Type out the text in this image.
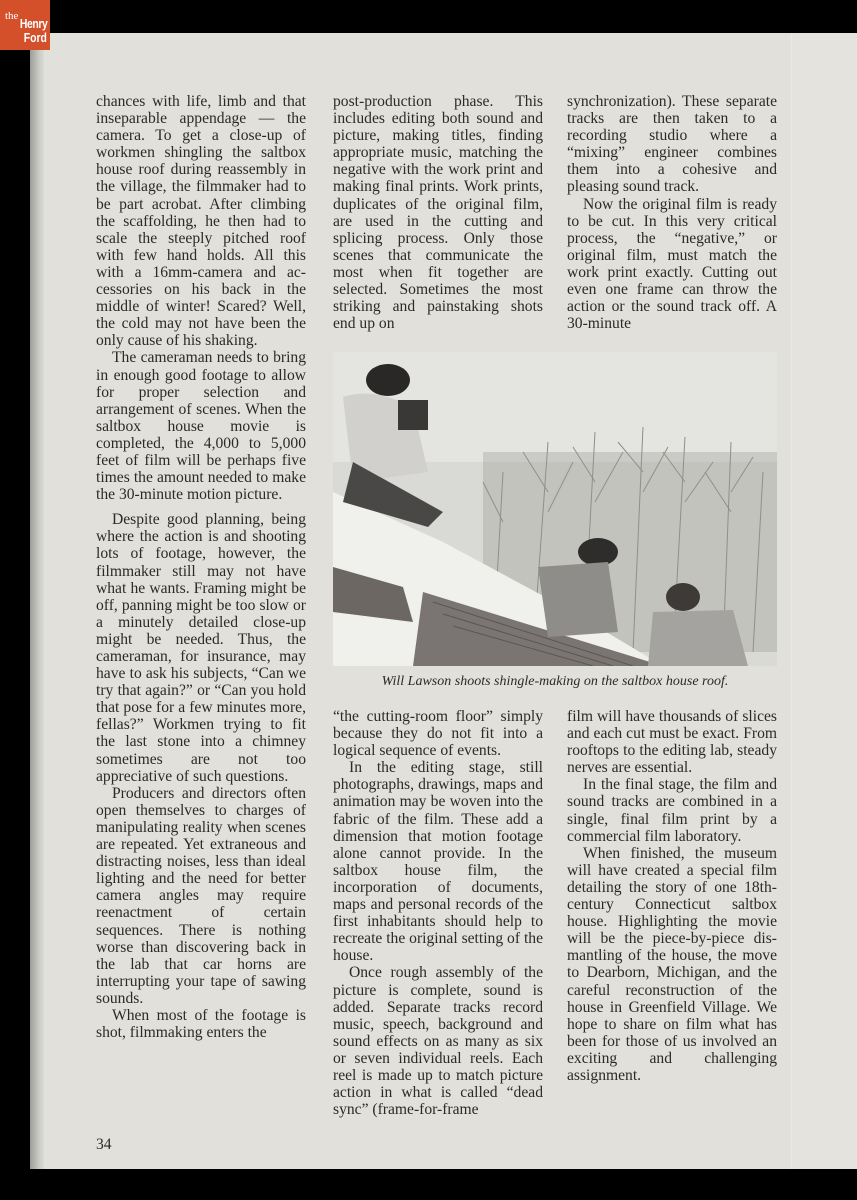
the Henry
Ford

chances with life, limb and that inseparable appendage — the camera. To get a close-up of workmen shingling the saltbox house roof during reassembly in the village, the filmmaker had to be part acrobat. After climbing the scaffolding, he then had to scale the steeply pitched roof with few hand holds. All this with a 16mm-camera and accessories on his back in the middle of winter! Scared? Well, the cold may not have been the only cause of his shaking.

The cameraman needs to bring in enough good footage to allow for proper selection and arrangement of scenes. When the saltbox house movie is completed, the 4,000 to 5,000 feet of film will be perhaps five times the amount needed to make the 30-minute motion picture.

Despite good planning, being where the action is and shooting lots of footage, however, the filmmaker still may not have what he wants. Framing might be off, panning might be too slow or a minutely detailed close-up might be needed. Thus, the cameraman, for insurance, may have to ask his subjects, “Can we try that again?” or “Can you hold that pose for a few minutes more, fellas?” Workmen trying to fit the last stone into a chimney sometimes are not too appreciative of such questions.

Producers and directors often open themselves to charges of manipulating reality when scenes are repeated. Yet extraneous and distracting noises, less than ideal lighting and the need for better camera angles may require reenactment of certain sequences. There is nothing worse than discovering back in the lab that car horns are interrupting your tape of sawing sounds.

When most of the footage is shot, filmmaking enters the

post-production phase. This includes editing both sound and picture, making titles, finding appropriate music, matching the negative with the work print and making final prints. Work prints, duplicates of the original film, are used in the cutting and splicing process. Only those scenes that communicate the most when fit together are selected. Sometimes the most striking and painstaking shots end up on

synchronization). These separate tracks are then taken to a recording studio where a “mixing” engineer combines them into a cohesive and pleasing sound track.

Now the original film is ready to be cut. In this very critical process, the “negative,” or original film, must match the work print exactly. Cutting out even one frame can throw the action or the sound track off. A 30-minute

Will Lawson shoots shingle-making on the saltbox house roof.

“the cutting-room floor” simply because they do not fit into a logical sequence of events.

In the editing stage, still photographs, drawings, maps and animation may be woven into the fabric of the film. These add a dimension that motion footage alone cannot provide. In the saltbox house film, the incorporation of documents, maps and personal records of the first inhabitants should help to recreate the original setting of the house.

Once rough assembly of the picture is complete, sound is added. Separate tracks record music, speech, background and sound effects on as many as six or seven individual reels. Each reel is made up to match picture action in what is called “dead sync” (frame-for-frame

film will have thousands of slices and each cut must be exact. From rooftops to the editing lab, steady nerves are essential.

In the final stage, the film and sound tracks are combined in a single, final film print by a commercial film laboratory.

When finished, the museum will have created a special film detailing the story of one 18th-century Connecticut saltbox house. Highlighting the movie will be the piece-by-piece dismantling of the house, the move to Dearborn, Michigan, and the careful reconstruction of the house in Greenfield Village. We hope to share on film what has been for those of us involved an exciting and challenging assignment.

34
